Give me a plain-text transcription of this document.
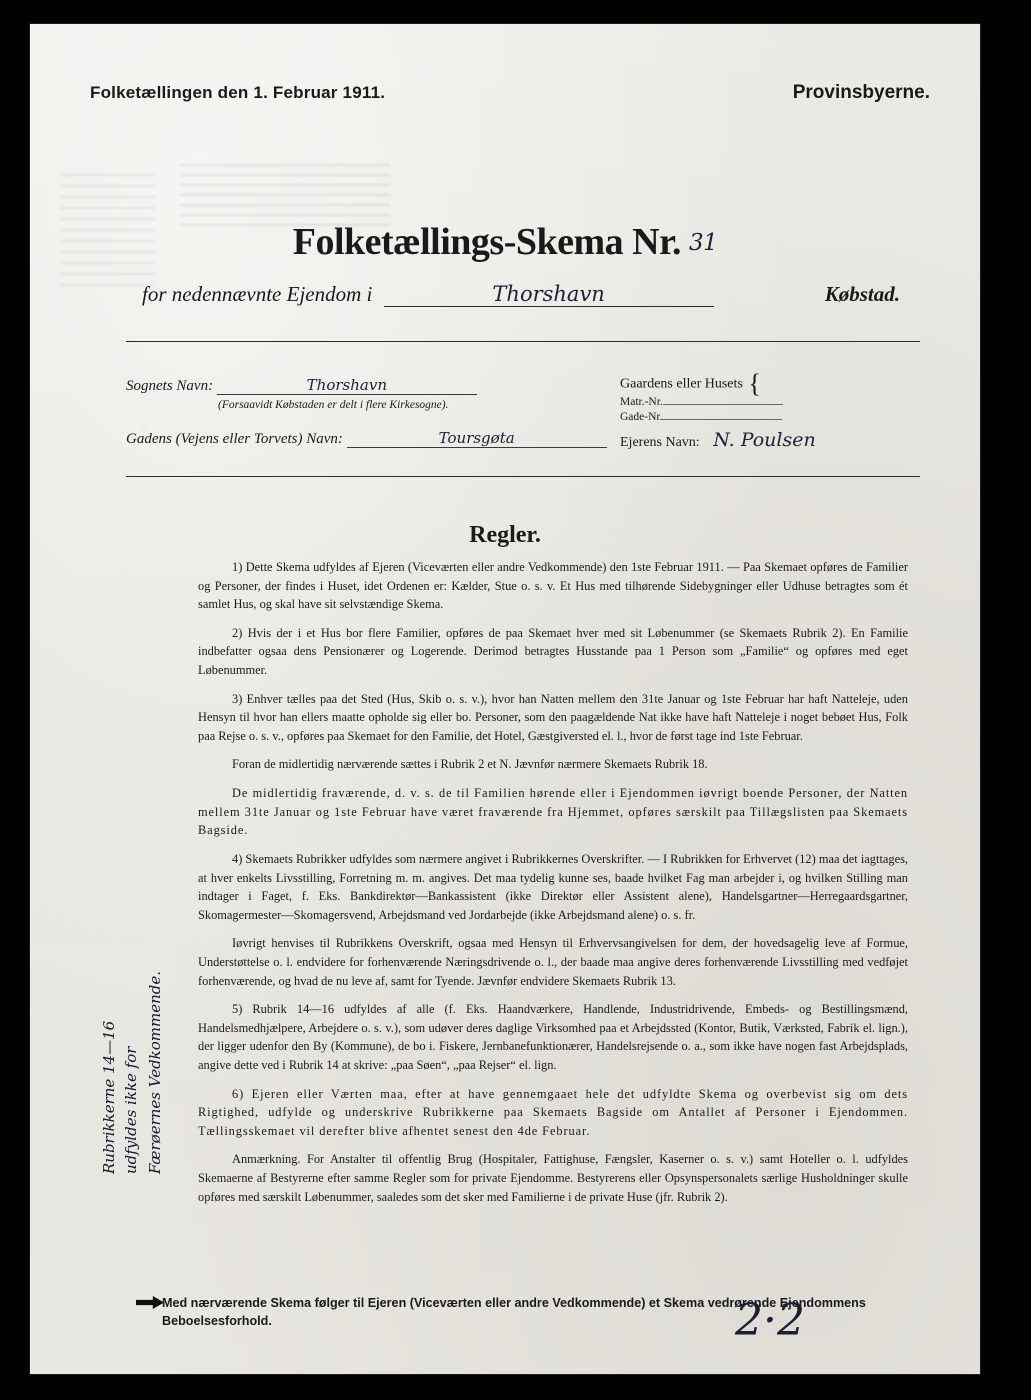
Folketællingen den 1. Februar 1911.	Provinsbyerne.
Folketællings-Skema Nr. 31
Købstad.
for nedennævnte Ejendom i	Thorshavn
Sognets Navn:	Thorshavn
(Forsaavidt Købstaden er delt i flere Kirkesogne).
Gaardens eller Husets { Matr.-Nr.
Gade-Nr.
Gadens (Vejens eller Torvets) Navn:	Toursgøta	Ejerens Navn: N. Poulsen
Regler.

1) Dette Skema udfyldes af Ejeren (Viceværten eller andre Vedkommende) den 1ste Februar 1911. — Paa Skemaet opføres de Familier og Personer, der findes i Huset, idet Ordenen er: Kælder, Stue o. s. v. Et Hus med tilhørende Sidebygninger eller Udhuse betragtes som ét samlet Hus, og skal have sit selvstændige Skema.

2) Hvis der i et Hus bor flere Familier, opføres de paa Skemaet hver med sit Løbenummer (se Skemaets Rubrik 2). En Familie indbefatter ogsaa dens Pensionærer og Logerende. Derimod betragtes Husstande paa 1 Person som „Familie“ og opføres med eget Løbenummer.

3) Enhver tælles paa det Sted (Hus, Skib o. s. v.), hvor han Natten mellem den 31te Januar og 1ste Februar har haft Natteleje, uden Hensyn til hvor han ellers maatte opholde sig eller bo. Personer, som den paagældende Nat ikke have haft Natteleje i noget bebøet Hus, Folk paa Rejse o. s. v., opføres paa Skemaet for den Familie, det Hotel, Gæstgiversted el. l., hvor de først tage ind 1ste Februar.

Foran de midlertidig nærværende sættes i Rubrik 2 et N. Jævnfør nærmere Skemaets Rubrik 18.

De midlertidig fraværende, d. v. s. de til Familien hørende eller i Ejendommen iøvrigt boende Personer, der Natten mellem 31te Januar og 1ste Februar have været fraværende fra Hjemmet, opføres særskilt paa Tillægslisten paa Skemaets Bagside.

4) Skemaets Rubrikker udfyldes som nærmere angivet i Rubrikkernes Overskrifter. — I Rubrikken for Erhvervet (12) maa det iagttages, at hver enkelts Livsstilling, Forretning m. m. angives. Det maa tydelig kunne ses, baade hvilket Fag man arbejder i, og hvilken Stilling man indtager i Faget, f. Eks. Bankdirektør—Bankassistent (ikke Direktør eller Assistent alene), Handelsgartner—Herregaardsgartner, Skomagermester—Skomagersvend, Arbejdsmand ved Jordarbejde (ikke Arbejdsmand alene) o. s. fr.

Iøvrigt henvises til Rubrikkens Overskrift, ogsaa med Hensyn til Erhvervsangivelsen for dem, der hovedsagelig leve af Formue, Understøttelse o. l. endvidere for forhenværende Næringsdrivende o. l., der baade maa angive deres forhenværende Livsstilling med vedføjet forhenværende, og hvad de nu leve af, samt for Tyende. Jævnfør endvidere Skemaets Rubrik 13.

5) Rubrik 14—16 udfyldes af alle (f. Eks. Haandværkere, Handlende, Industridrivende, Embeds- og Bestillingsmænd, Handelsmedhjælpere, Arbejdere o. s. v.), som udøver deres daglige Virksomhed paa et Arbejdssted (Kontor, Butik, Værksted, Fabrik el. lign.), der ligger udenfor den By (Kommune), de bo i. Fiskere, Jernbanefunktionærer, Handelsrejsende o. a., som ikke have nogen fast Arbejdsplads, angive dette ved i Rubrik 14 at skrive: „paa Søen“, „paa Rejser“ el. lign.

6) Ejeren eller Værten maa, efter at have gennemgaaet hele det udfyldte Skema og overbevist sig om dets Rigtighed, udfylde og underskrive Rubrikkerne paa Skemaets Bagside om Antallet af Personer i Ejendommen. Tællingsskemaet vil derefter blive afhentet senest den 4de Februar.

Anmærkning. For Anstalter til offentlig Brug (Hospitaler, Fattighuse, Fængsler, Kaserner o. s. v.) samt Hoteller o. l. udfyldes Skemaerne af Bestyrerne efter samme Regler som for private Ejendomme. Bestyrerens eller Opsynspersonalets særlige Husholdninger skulle opføres med særskilt Løbenummer, saaledes som det sker med Familierne i de private Huse (jfr. Rubrik 2).

Rubrikkerne 14—16 udfyldes ikke for Færøernes Vedkommende.
Med nærværende Skema følger til Ejeren (Viceværten eller andre Vedkommende) et Skema vedrørende Ejendommens Beboelsesforhold.	2·2
